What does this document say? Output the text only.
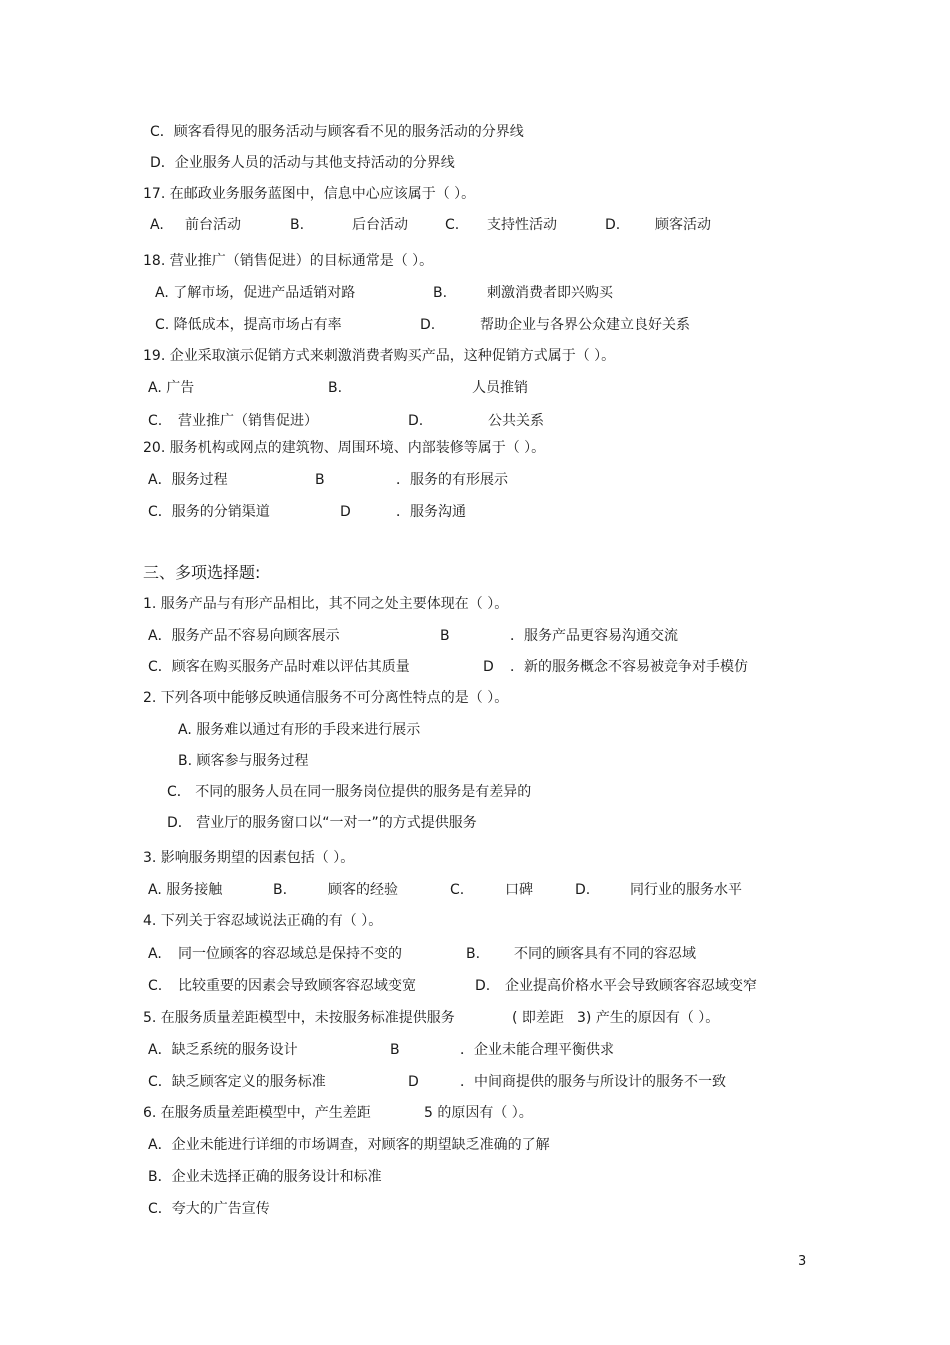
C．顾客看得见的服务活动与顾客看不见的服务活动的分界线
D．企业服务人员的活动与其他支持活动的分界线
17. 在邮政业务服务蓝图中，信息中心应该属于（ ）。
A. 前台活动	B.	后台活动	C. 支持性活动	D. 顾客活动
18. 营业推广（销售促进）的目标通常是（ ）。
A. 了解市场，促进产品适销对路	B.	刺激消费者即兴购买
C. 降低成本，提高市场占有率	D.	帮助企业与各界公众建立良好关系
19. 企业采取演示促销方式来刺激消费者购买产品，这种促销方式属于（ ）。
A. 广告	B.	人员推销
C. 营业推广（销售促进）	D.	公共关系
20. 服务机构或网点的建筑物、周围环境、内部装修等属于（ ）。
A．服务过程	B	．服务的有形展示
C．服务的分销渠道	D	．服务沟通
三、多项选择题:
1. 服务产品与有形产品相比，其不同之处主要体现在（ ）。
A．服务产品不容易向顾客展示	B	．服务产品更容易沟通交流
C．顾客在购买服务产品时难以评估其质量	D ．新的服务概念不容易被竞争对手模仿
2. 下列各项中能够反映通信服务不可分离性特点的是（ ）。
A. 服务难以通过有形的手段来进行展示
B. 顾客参与服务过程
C． 不同的服务人员在同一服务岗位提供的服务是有差异的
D． 营业厅的服务窗口以“一对一”的方式提供服务
3. 影响服务期望的因素包括（ ）。
A. 服务接触	B.	顾客的经验	C.	口碑	D.	同行业的服务水平
4. 下列关于容忍域说法正确的有（ ）。
A. 同一位顾客的容忍域总是保持不变的	B. 不同的顾客具有不同的容忍域
C. 比较重要的因素会导致顾客容忍域变宽	D. 企业提高价格水平会导致顾客容忍域变窄
5. 在服务质量差距模型中，未按服务标准提供服务	( 即差距 3) 产生的原因有（ ）。
A．缺乏系统的服务设计	B	．企业未能合理平衡供求
C．缺乏顾客定义的服务标准	D	．中间商提供的服务与所设计的服务不一致
6. 在服务质量差距模型中，产生差距	5 的原因有（ ）。
A．企业未能进行详细的市场调查，对顾客的期望缺乏准确的了解
B．企业未选择正确的服务设计和标准
C．夸大的广告宣传
3
